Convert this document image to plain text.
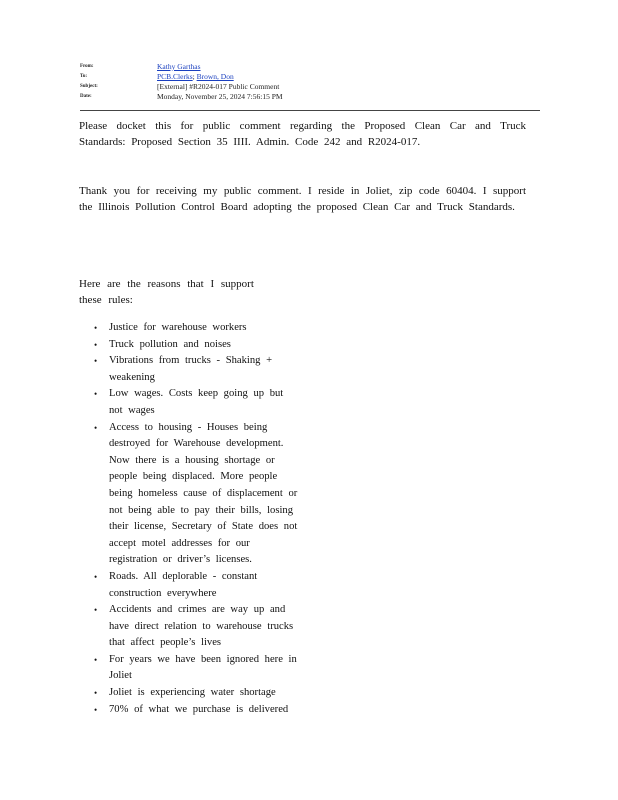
From:	Kathy Garthas
To:	PCB.Clerks; Brown, Don
Subject:	[External] #R2024-017 Public Comment
Date:	Monday, November 25, 2024 7:56:15 PM

Please docket this for public comment regarding the Proposed Clean Car and Truck Standards: Proposed Section 35 IIII. Admin. Code 242 and R2024-017.

Thank you for receiving my public comment. I reside in Joliet, zip code 60404. I support the Illinois Pollution Control Board adopting the proposed Clean Car and Truck Standards.

Here are the reasons that I support these rules:

• Justice for warehouse workers
• Truck pollution and noises
• Vibrations from trucks - Shaking + weakening
• Low wages. Costs keep going up but not wages
• Access to housing - Houses being destroyed for Warehouse development. Now there is a housing shortage or people being displaced. More people being homeless cause of displacement or not being able to pay their bills, losing their license, Secretary of State does not accept motel addresses for our registration or driver’s licenses.
• Roads. All deplorable - constant construction everywhere
• Accidents and crimes are way up and have direct relation to warehouse trucks that affect people’s lives
• For years we have been ignored here in Joliet
• Joliet is experiencing water shortage
• 70% of what we purchase is delivered
